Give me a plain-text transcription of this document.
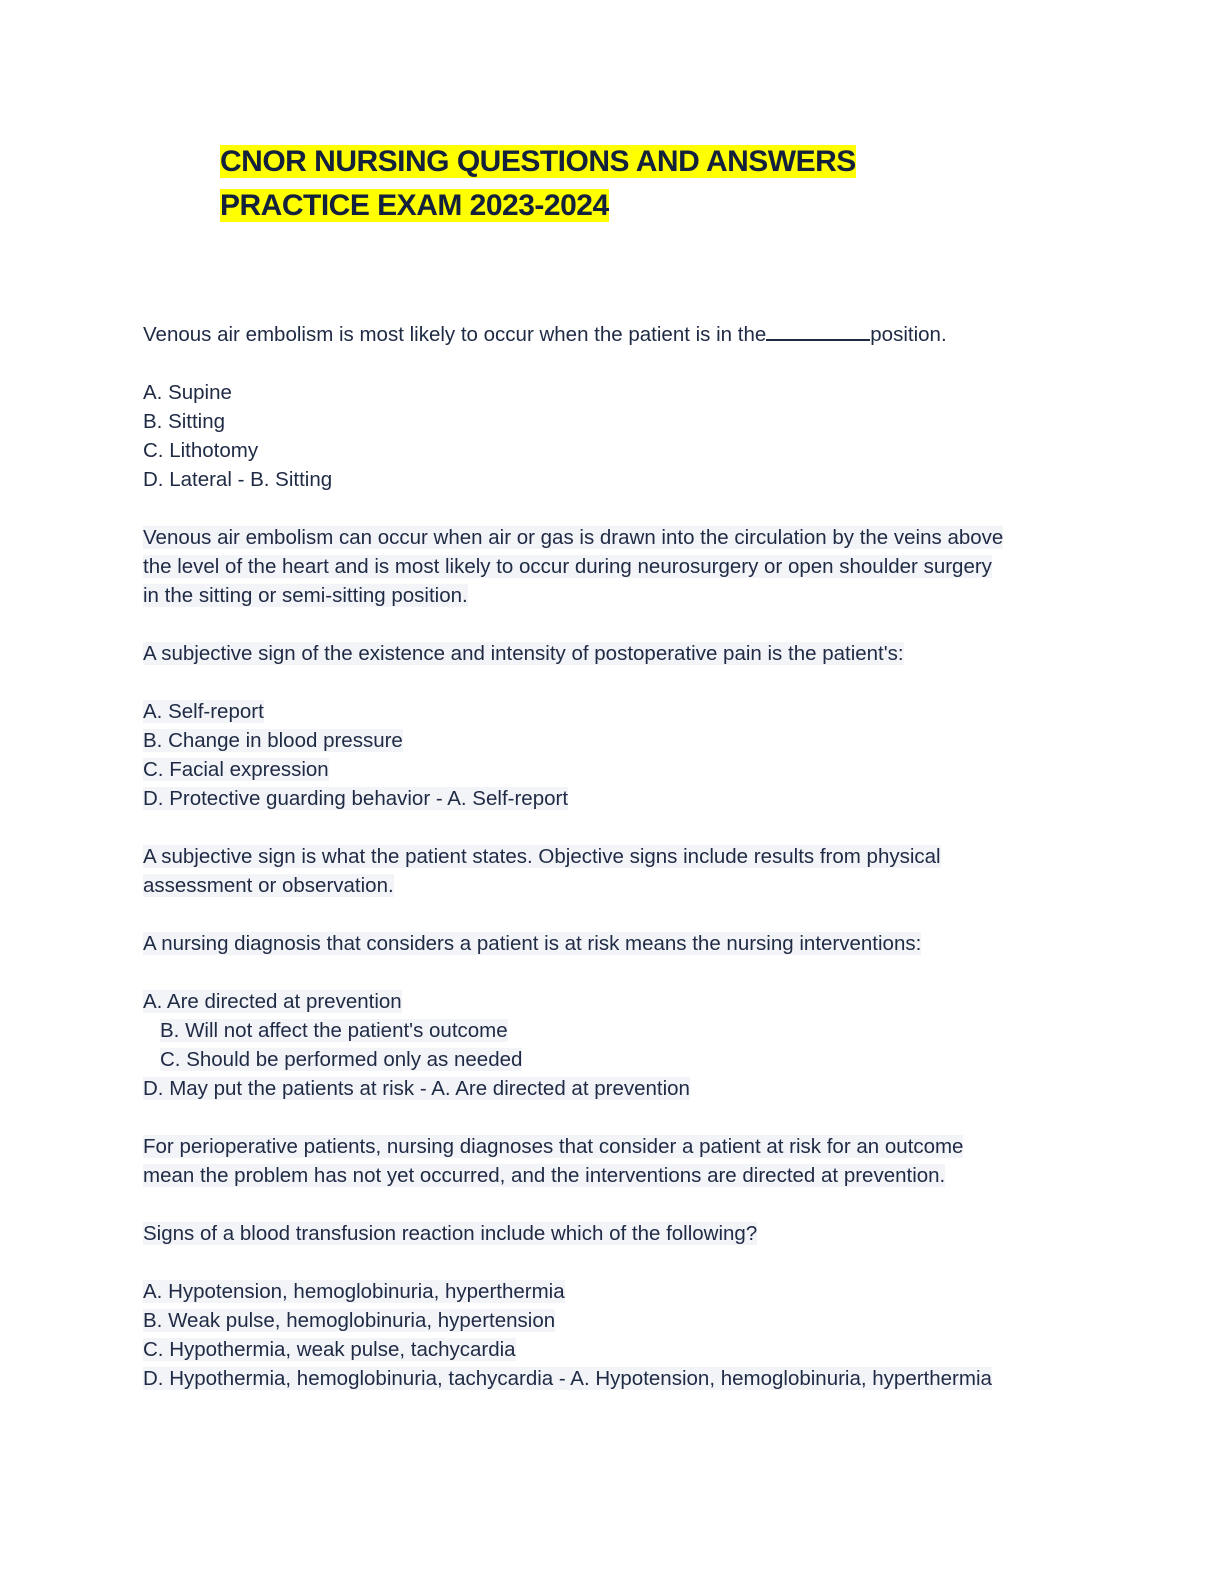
CNOR NURSING QUESTIONS AND ANSWERS
PRACTICE EXAM 2023-2024
Venous air embolism is most likely to occur when the patient is in the	position.
A. Supine
B. Sitting
C. Lithotomy
D. Lateral - B. Sitting
Venous air embolism can occur when air or gas is drawn into the circulation by the veins above
the level of the heart and is most likely to occur during neurosurgery or open shoulder surgery
in the sitting or semi-sitting position.
A subjective sign of the existence and intensity of postoperative pain is the patient's:
A. Self-report
B. Change in blood pressure
C. Facial expression
D. Protective guarding behavior - A. Self-report
A subjective sign is what the patient states. Objective signs include results from physical
assessment or observation.
A nursing diagnosis that considers a patient is at risk means the nursing interventions:
A. Are directed at prevention
B. Will not affect the patient's outcome
C. Should be performed only as needed
D. May put the patients at risk - A. Are directed at prevention
For perioperative patients, nursing diagnoses that consider a patient at risk for an outcome
mean the problem has not yet occurred, and the interventions are directed at prevention.
Signs of a blood transfusion reaction include which of the following?
A. Hypotension, hemoglobinuria, hyperthermia
B. Weak pulse, hemoglobinuria, hypertension
C. Hypothermia, weak pulse, tachycardia
D. Hypothermia, hemoglobinuria, tachycardia - A. Hypotension, hemoglobinuria, hyperthermia
